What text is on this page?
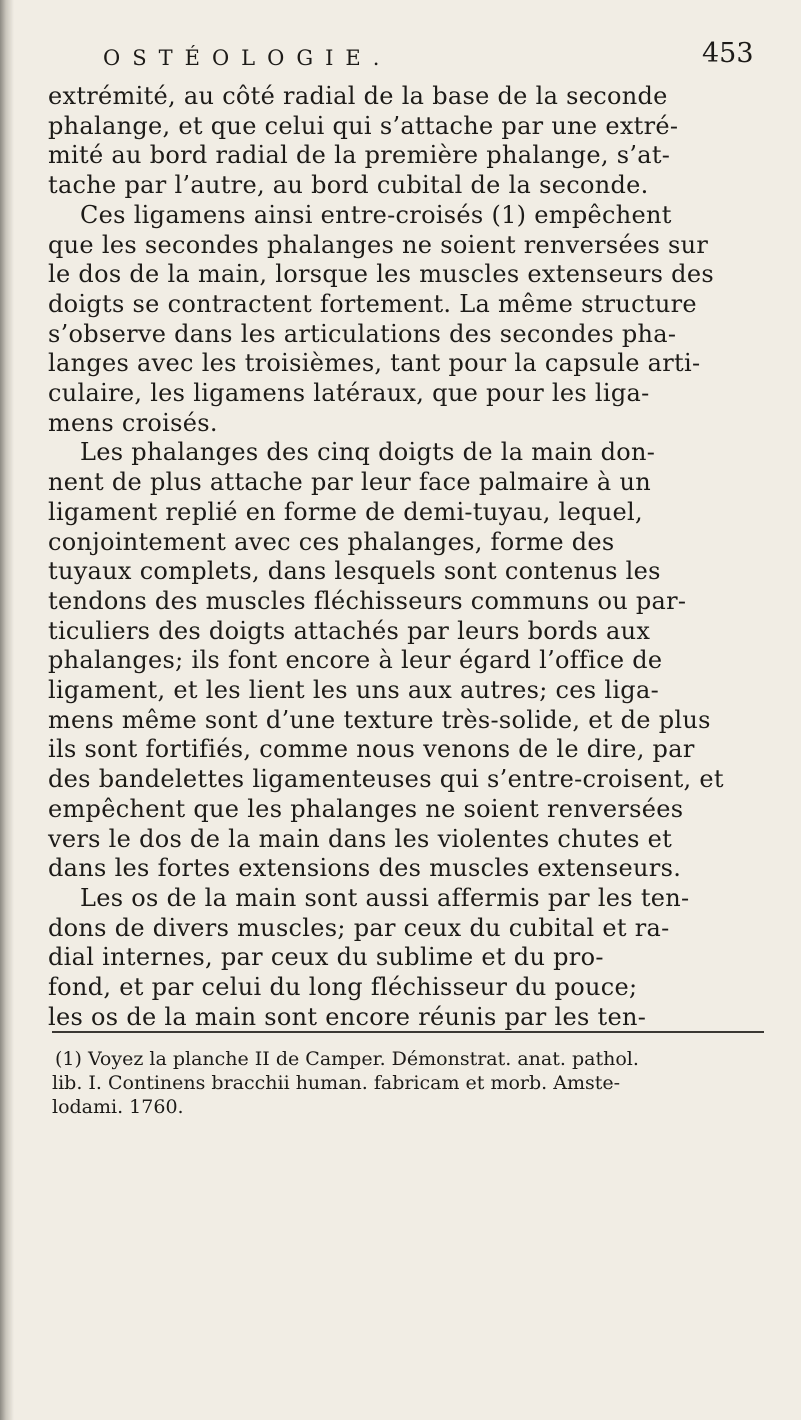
OSTÉOLOGIE.	453
extrémité, au côté radial de la base de la seconde
phalange, et que celui qui s’attache par une extré-
mité au bord radial de la première phalange, s’at-
tache par l’autre, au bord cubital de la seconde.
Ces ligamens ainsi entre-croisés (1) empêchent
que les secondes phalanges ne soient renversées sur
le dos de la main, lorsque les muscles extenseurs des
doigts se contractent fortement. La même structure
s’observe dans les articulations des secondes pha-
langes avec les troisièmes, tant pour la capsule arti-
culaire, les ligamens latéraux, que pour les liga-
mens croisés.
Les phalanges des cinq doigts de la main don-
nent de plus attache par leur face palmaire à un
ligament replié en forme de demi-tuyau, lequel,
conjointement avec ces phalanges, forme des
tuyaux complets, dans lesquels sont contenus les
tendons des muscles fléchisseurs communs ou par-
ticuliers des doigts attachés par leurs bords aux
phalanges; ils font encore à leur égard l’office de
ligament, et les lient les uns aux autres; ces liga-
mens même sont d’une texture très-solide, et de plus
ils sont fortifiés, comme nous venons de le dire, par
des bandelettes ligamenteuses qui s’entre-croisent, et
empêchent que les phalanges ne soient renversées
vers le dos de la main dans les violentes chutes et
dans les fortes extensions des muscles extenseurs.
Les os de la main sont aussi affermis par les ten-
dons de divers muscles; par ceux du cubital et ra-
dial internes, par ceux du sublime et du pro-
fond, et par celui du long fléchisseur du pouce;
les os de la main sont encore réunis par les ten-
(1) Voyez la planche II de Camper. Démonstrat. anat. pathol.
lib. I. Continens bracchii human. fabricam et morb. Amste-
lodami. 1760.
